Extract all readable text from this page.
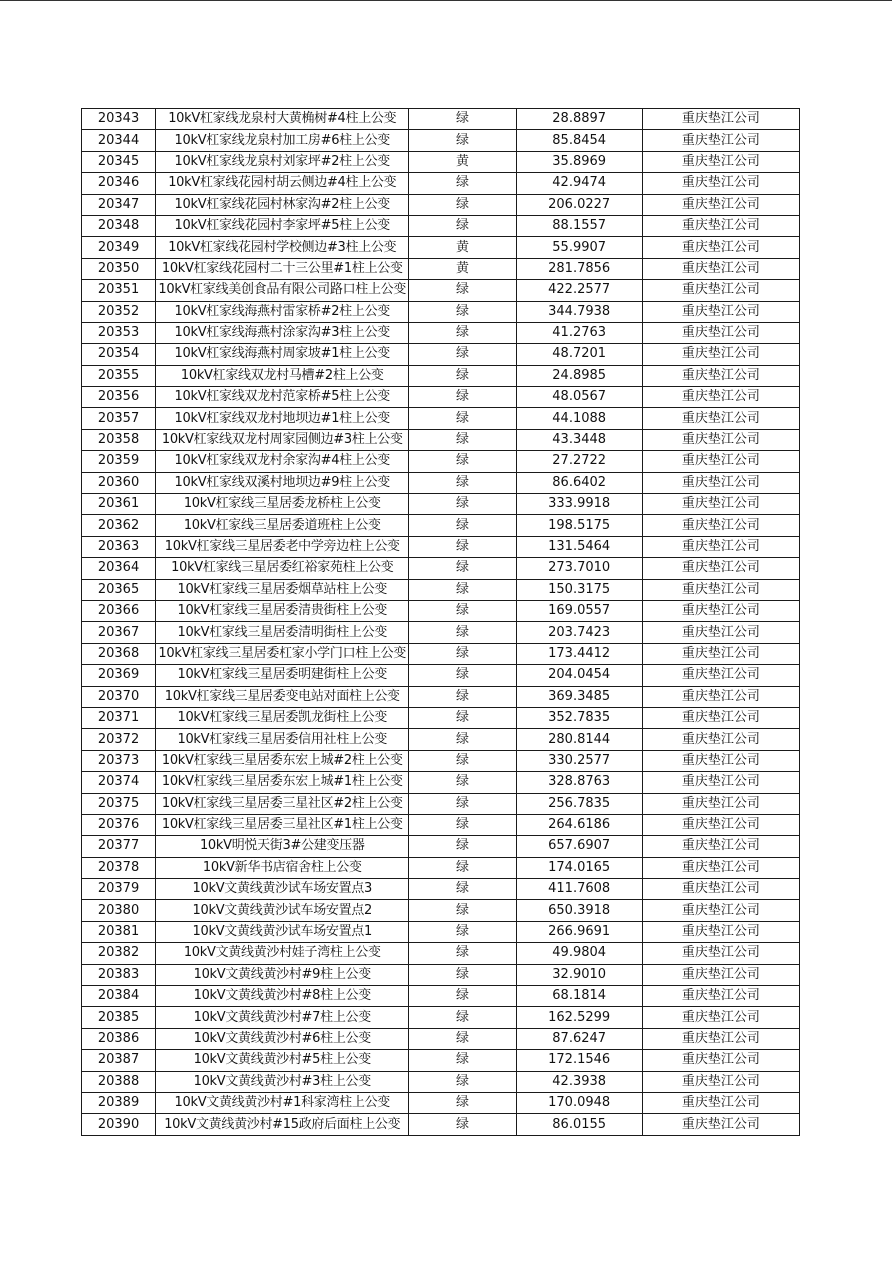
20343	10kV杠家线龙泉村大黄桷树#4柱上公变	绿	28.8897	重庆垫江公司
20344	10kV杠家线龙泉村加工房#6柱上公变	绿	85.8454	重庆垫江公司
20345	10kV杠家线龙泉村刘家坪#2柱上公变	黄	35.8969	重庆垫江公司
20346	10kV杠家线花园村胡云侧边#4柱上公变	绿	42.9474	重庆垫江公司
20347	10kV杠家线花园村林家沟#2柱上公变	绿	206.0227	重庆垫江公司
20348	10kV杠家线花园村李家坪#5柱上公变	绿	88.1557	重庆垫江公司
20349	10kV杠家线花园村学校侧边#3柱上公变	黄	55.9907	重庆垫江公司
20350	10kV杠家线花园村二十三公里#1柱上公变	黄	281.7856	重庆垫江公司
20351	10kV杠家线美创食品有限公司路口柱上公变	绿	422.2577	重庆垫江公司
20352	10kV杠家线海燕村雷家桥#2柱上公变	绿	344.7938	重庆垫江公司
20353	10kV杠家线海燕村涂家沟#3柱上公变	绿	41.2763	重庆垫江公司
20354	10kV杠家线海燕村周家坡#1柱上公变	绿	48.7201	重庆垫江公司
20355	10kV杠家线双龙村马槽#2柱上公变	绿	24.8985	重庆垫江公司
20356	10kV杠家线双龙村范家桥#5柱上公变	绿	48.0567	重庆垫江公司
20357	10kV杠家线双龙村地坝边#1柱上公变	绿	44.1088	重庆垫江公司
20358	10kV杠家线双龙村周家园侧边#3柱上公变	绿	43.3448	重庆垫江公司
20359	10kV杠家线双龙村余家沟#4柱上公变	绿	27.2722	重庆垫江公司
20360	10kV杠家线双溪村地坝边#9柱上公变	绿	86.6402	重庆垫江公司
20361	10kV杠家线三星居委龙桥柱上公变	绿	333.9918	重庆垫江公司
20362	10kV杠家线三星居委道班柱上公变	绿	198.5175	重庆垫江公司
20363	10kV杠家线三星居委老中学旁边柱上公变	绿	131.5464	重庆垫江公司
20364	10kV杠家线三星居委红裕家苑柱上公变	绿	273.7010	重庆垫江公司
20365	10kV杠家线三星居委烟草站柱上公变	绿	150.3175	重庆垫江公司
20366	10kV杠家线三星居委清贵街柱上公变	绿	169.0557	重庆垫江公司
20367	10kV杠家线三星居委清明街柱上公变	绿	203.7423	重庆垫江公司
20368	10kV杠家线三星居委杠家小学门口柱上公变	绿	173.4412	重庆垫江公司
20369	10kV杠家线三星居委明建街柱上公变	绿	204.0454	重庆垫江公司
20370	10kV杠家线三星居委变电站对面柱上公变	绿	369.3485	重庆垫江公司
20371	10kV杠家线三星居委凯龙街柱上公变	绿	352.7835	重庆垫江公司
20372	10kV杠家线三星居委信用社柱上公变	绿	280.8144	重庆垫江公司
20373	10kV杠家线三星居委东宏上城#2柱上公变	绿	330.2577	重庆垫江公司
20374	10kV杠家线三星居委东宏上城#1柱上公变	绿	328.8763	重庆垫江公司
20375	10kV杠家线三星居委三星社区#2柱上公变	绿	256.7835	重庆垫江公司
20376	10kV杠家线三星居委三星社区#1柱上公变	绿	264.6186	重庆垫江公司
20377	10kV明悦天街3#公建变压器	绿	657.6907	重庆垫江公司
20378	10kV新华书店宿舍柱上公变	绿	174.0165	重庆垫江公司
20379	10kV文黄线黄沙试车场安置点3	绿	411.7608	重庆垫江公司
20380	10kV文黄线黄沙试车场安置点2	绿	650.3918	重庆垫江公司
20381	10kV文黄线黄沙试车场安置点1	绿	266.9691	重庆垫江公司
20382	10kV文黄线黄沙村娃子湾柱上公变	绿	49.9804	重庆垫江公司
20383	10kV文黄线黄沙村#9柱上公变	绿	32.9010	重庆垫江公司
20384	10kV文黄线黄沙村#8柱上公变	绿	68.1814	重庆垫江公司
20385	10kV文黄线黄沙村#7柱上公变	绿	162.5299	重庆垫江公司
20386	10kV文黄线黄沙村#6柱上公变	绿	87.6247	重庆垫江公司
20387	10kV文黄线黄沙村#5柱上公变	绿	172.1546	重庆垫江公司
20388	10kV文黄线黄沙村#3柱上公变	绿	42.3938	重庆垫江公司
20389	10kV文黄线黄沙村#1科家湾柱上公变	绿	170.0948	重庆垫江公司
20390	10kV文黄线黄沙村#15政府后面柱上公变	绿	86.0155	重庆垫江公司
